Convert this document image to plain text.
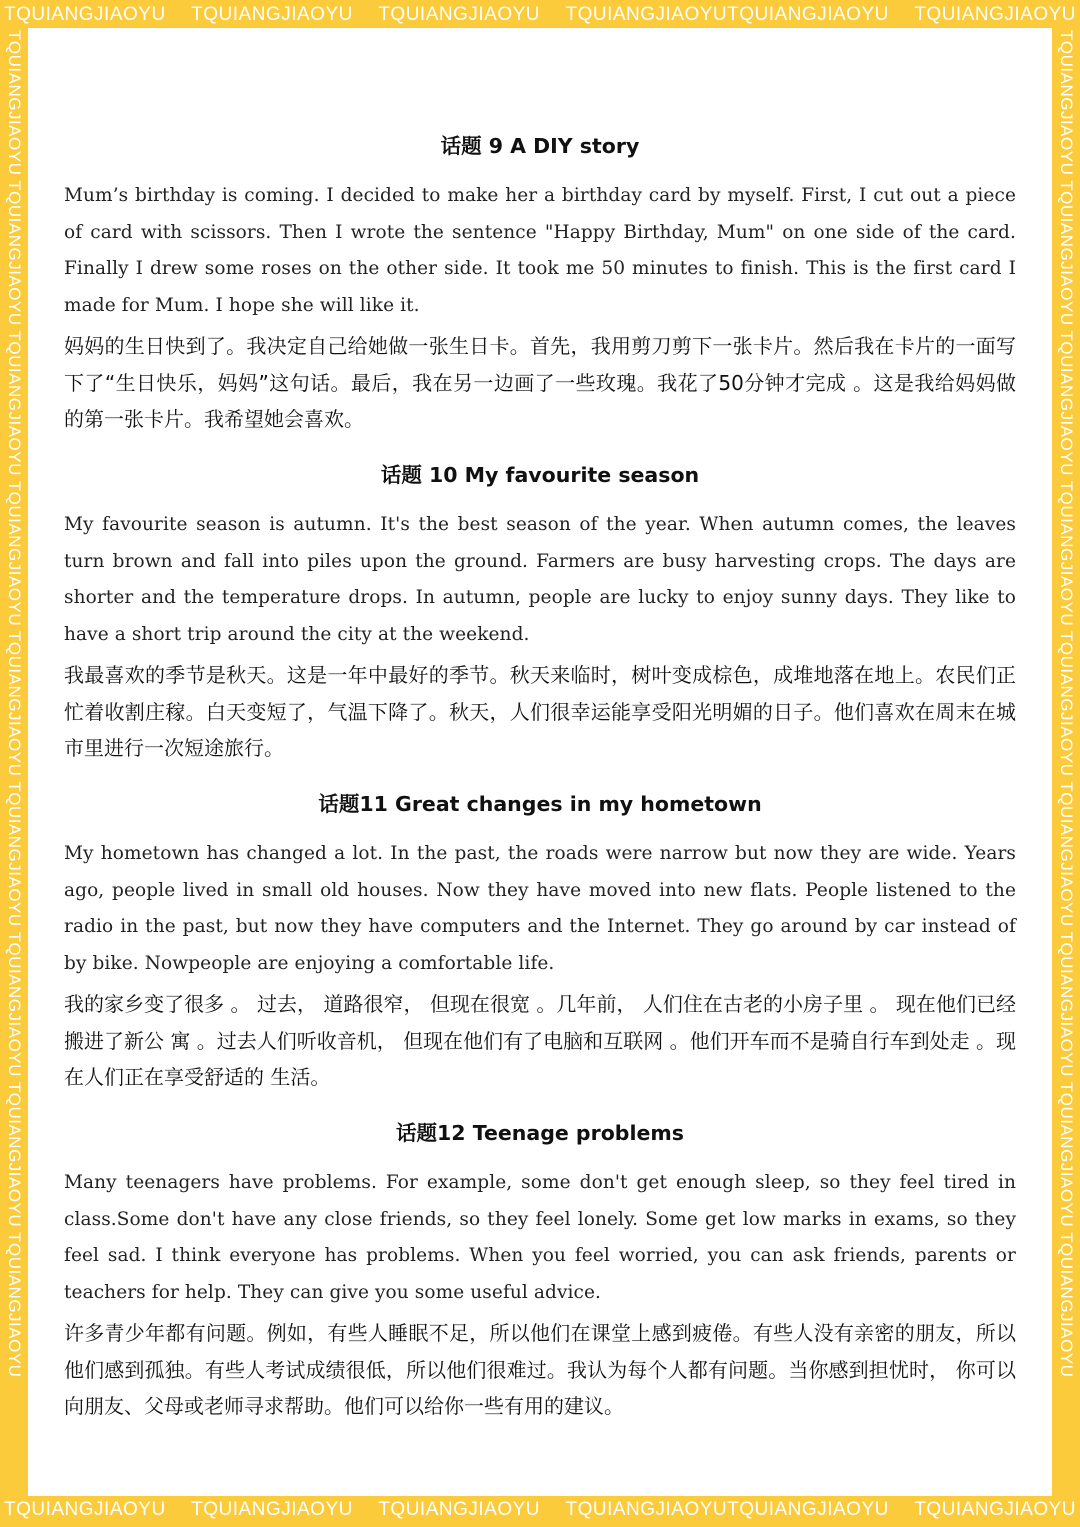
TQUIANGJIAOYU TQUIANGJIAOYU TQUIANGJIAOYU TQUIANGJIAOYUTQUIANGJIAOYU TQUIANGJIAOYU
TQUIANGJIAOYU TQUIANGJIAOYU TQUIANGJIAOYU TQUIANGJIAOYUTQUIANGJIAOYU TQUIANGJIAOYU
TQUIANGJIAOYU TQUIANGJIAOYU TQUIANGJIAOYU TQUIANGJIAOYU TQUIANGJIAOYU TQUIANGJIAOYU TQUIANGJIAOYU TQUIANGJIAOYU TQUIANGJIAOYU	TQUIANGJIAOYU TQUIANGJIAOYU TQUIANGJIAOYU TQUIANGJIAOYU TQUIANGJIAOYU TQUIANGJIAOYU TQUIANGJIAOYU TQUIANGJIAOYU TQUIANGJIAOYU
话题 9 A DIY story

Mum’s birthday is coming. I decided to make her a birthday card by myself. First, I cut out a piece of card with scissors. Then I wrote the sentence "Happy Birthday, Mum" on one side of the card. Finally I drew some roses on the other side. It took me 50 minutes to finish. This is the first card I made for Mum. I hope she will like it.

妈妈的生日快到了。我决定自己给她做一张生日卡。首先，我用剪刀剪下一张卡片。然后我在卡片的一面写下了“生日快乐，妈妈”这句话。最后，我在另一边画了一些玫瑰。我花了50分钟才完成 。这是我给妈妈做的第一张卡片。我希望她会喜欢。

话题 10 My favourite season

My favourite season is autumn. It's the best season of the year. When autumn comes, the leaves turn brown and fall into piles upon the ground. Farmers are busy harvesting crops. The days are shorter and the temperature drops. In autumn, people are lucky to enjoy sunny days. They like to have a short trip around the city at the weekend.

我最喜欢的季节是秋天。这是一年中最好的季节。秋天来临时，树叶变成棕色，成堆地落在地上。农民们正忙着收割庄稼。白天变短了，气温下降了。秋天，人们很幸运能享受阳光明媚的日子。他们喜欢在周末在城市里进行一次短途旅行。

话题11 Great changes in my hometown

My hometown has changed a lot. In the past, the roads were narrow but now they are wide. Years ago, people lived in small old houses. Now they have moved into new flats. People listened to the radio in the past, but now they have computers and the Internet. They go around by car instead of by bike. Nowpeople are enjoying a comfortable life.

我的家乡变了很多 。 过去， 道路很窄， 但现在很宽 。几年前， 人们住在古老的小房子里 。 现在他们已经搬进了新公 寓 。过去人们听收音机， 但现在他们有了电脑和互联网 。他们开车而不是骑自行车到处走 。现在人们正在享受舒适的 生活。

话题12 Teenage problems

Many teenagers have problems. For example, some don't get enough sleep, so they feel tired in class.Some don't have any close friends, so they feel lonely. Some get low marks in exams, so they feel sad. I think everyone has problems. When you feel worried, you can ask friends, parents or teachers for help. They can give you some useful advice.

许多青少年都有问题。例如，有些人睡眠不足，所以他们在课堂上感到疲倦。有些人没有亲密的朋友，所以他们感到孤独。有些人考试成绩很低，所以他们很难过。我认为每个人都有问题。当你感到担忧时， 你可以向朋友、父母或老师寻求帮助。他们可以给你一些有用的建议。
